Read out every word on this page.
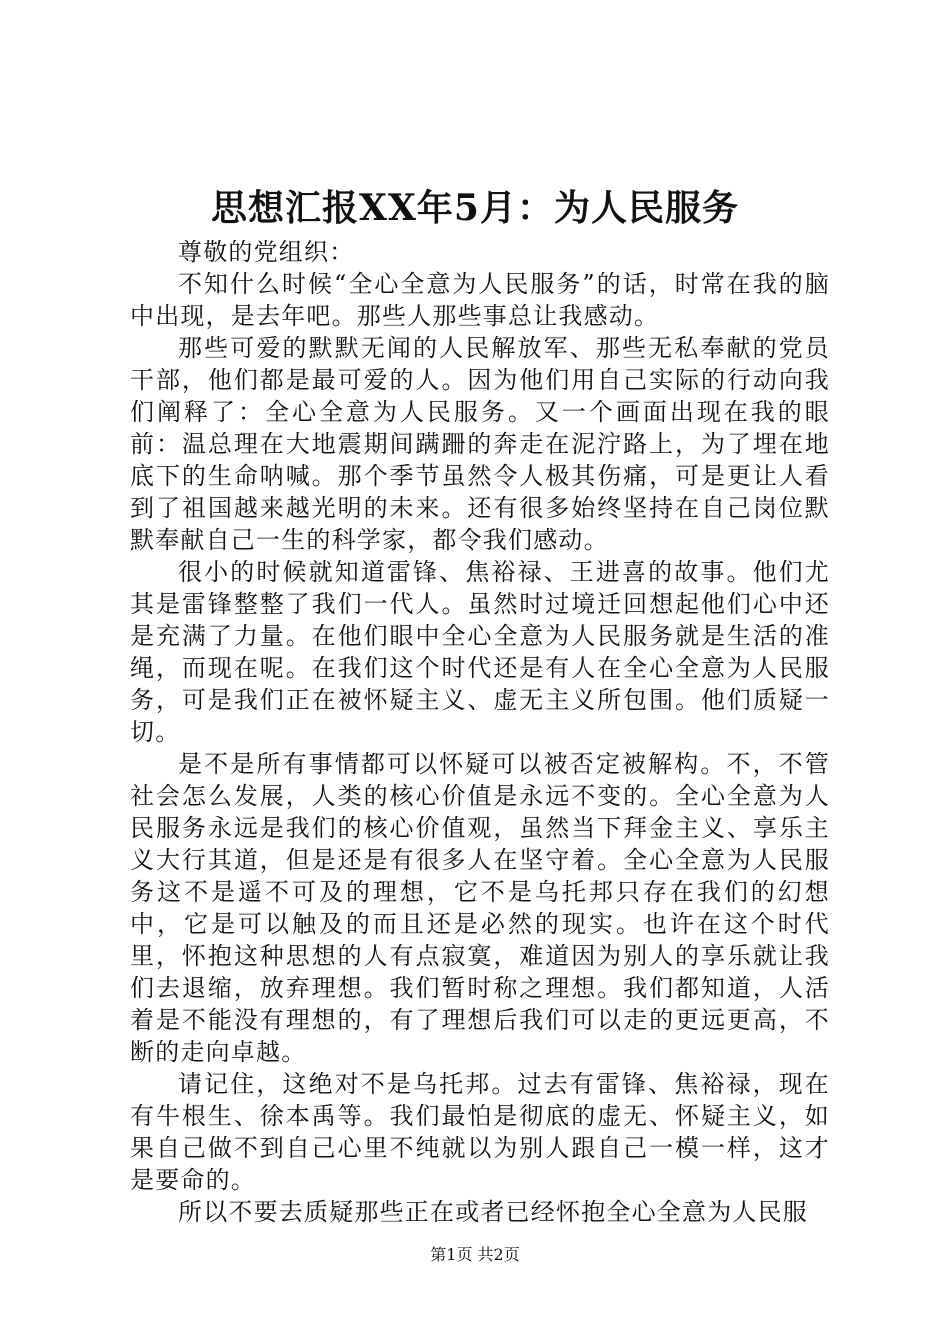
思想汇报XX年5月：为人民服务

尊敬的党组织：

不知什么时候“全心全意为人民服务”的话，时常在我的脑中出现，是去年吧。那些人那些事总让我感动。

那些可爱的默默无闻的人民解放军、那些无私奉献的党员干部，他们都是最可爱的人。因为他们用自己实际的行动向我们阐释了：全心全意为人民服务。又一个画面出现在我的眼前：温总理在大地震期间蹒跚的奔走在泥泞路上，为了埋在地底下的生命呐喊。那个季节虽然令人极其伤痛，可是更让人看到了祖国越来越光明的未来。还有很多始终坚持在自己岗位默默奉献自己一生的科学家，都令我们感动。

很小的时候就知道雷锋、焦裕禄、王进喜的故事。他们尤其是雷锋整整了我们一代人。虽然时过境迁回想起他们心中还是充满了力量。在他们眼中全心全意为人民服务就是生活的准绳，而现在呢。在我们这个时代还是有人在全心全意为人民服务，可是我们正在被怀疑主义、虚无主义所包围。他们质疑一切。

是不是所有事情都可以怀疑可以被否定被解构。不，不管社会怎么发展，人类的核心价值是永远不变的。全心全意为人民服务永远是我们的核心价值观，虽然当下拜金主义、享乐主义大行其道，但是还是有很多人在坚守着。全心全意为人民服务这不是遥不可及的理想，它不是乌托邦只存在我们的幻想中，它是可以触及的而且还是必然的现实。也许在这个时代里，怀抱这种思想的人有点寂寞，难道因为别人的享乐就让我们去退缩，放弃理想。我们暂时称之理想。我们都知道，人活着是不能没有理想的，有了理想后我们可以走的更远更高，不断的走向卓越。

请记住，这绝对不是乌托邦。过去有雷锋、焦裕禄，现在有牛根生、徐本禹等。我们最怕是彻底的虚无、怀疑主义，如果自己做不到自己心里不纯就以为别人跟自己一模一样，这才是要命的。

所以不要去质疑那些正在或者已经怀抱全心全意为人民服

第1页 共2页
